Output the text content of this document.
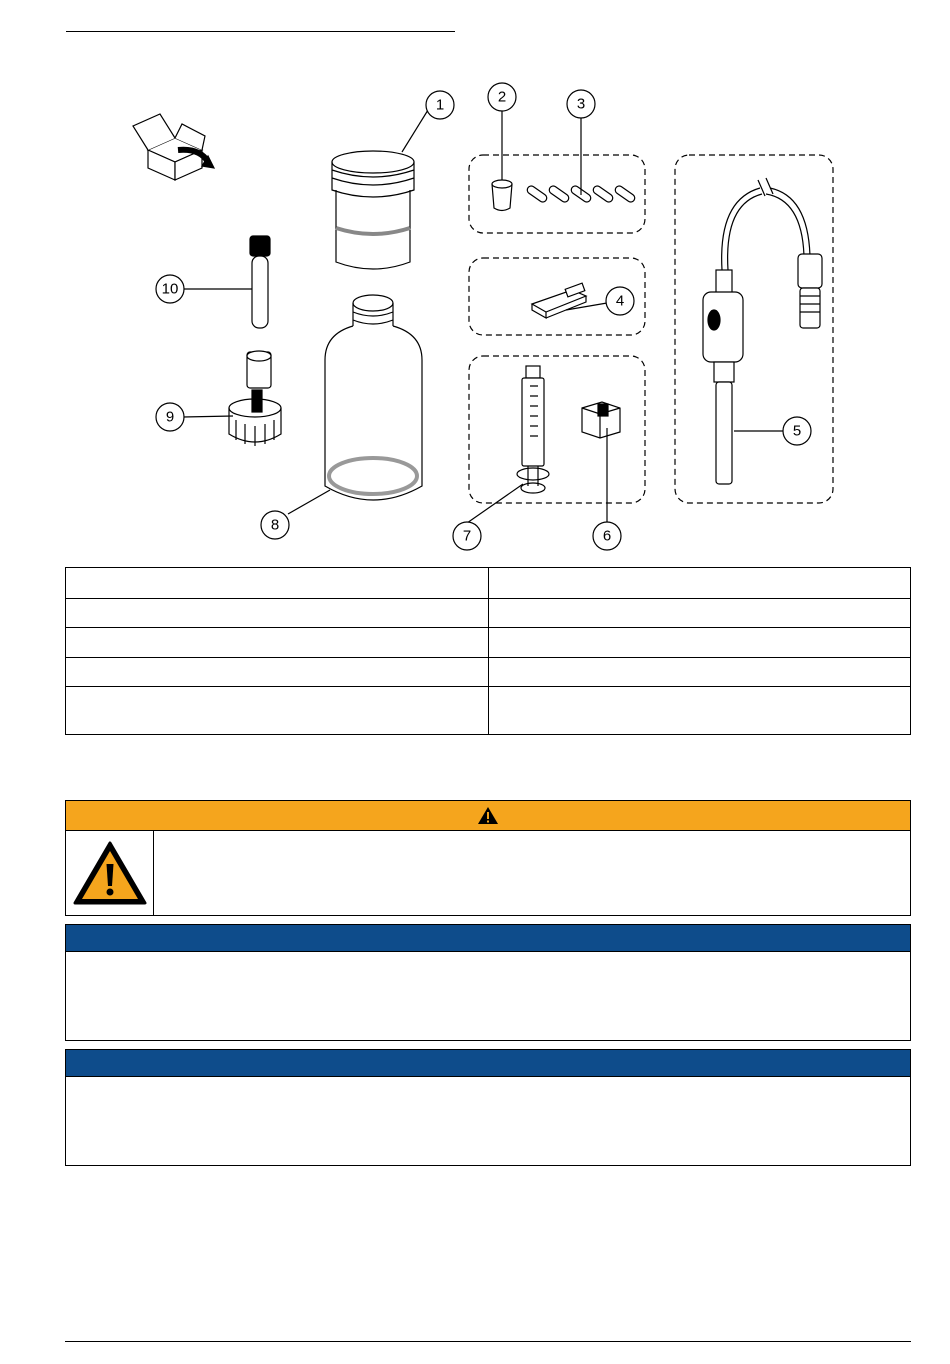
1	2	3
4
5
6
7
8
9
10
